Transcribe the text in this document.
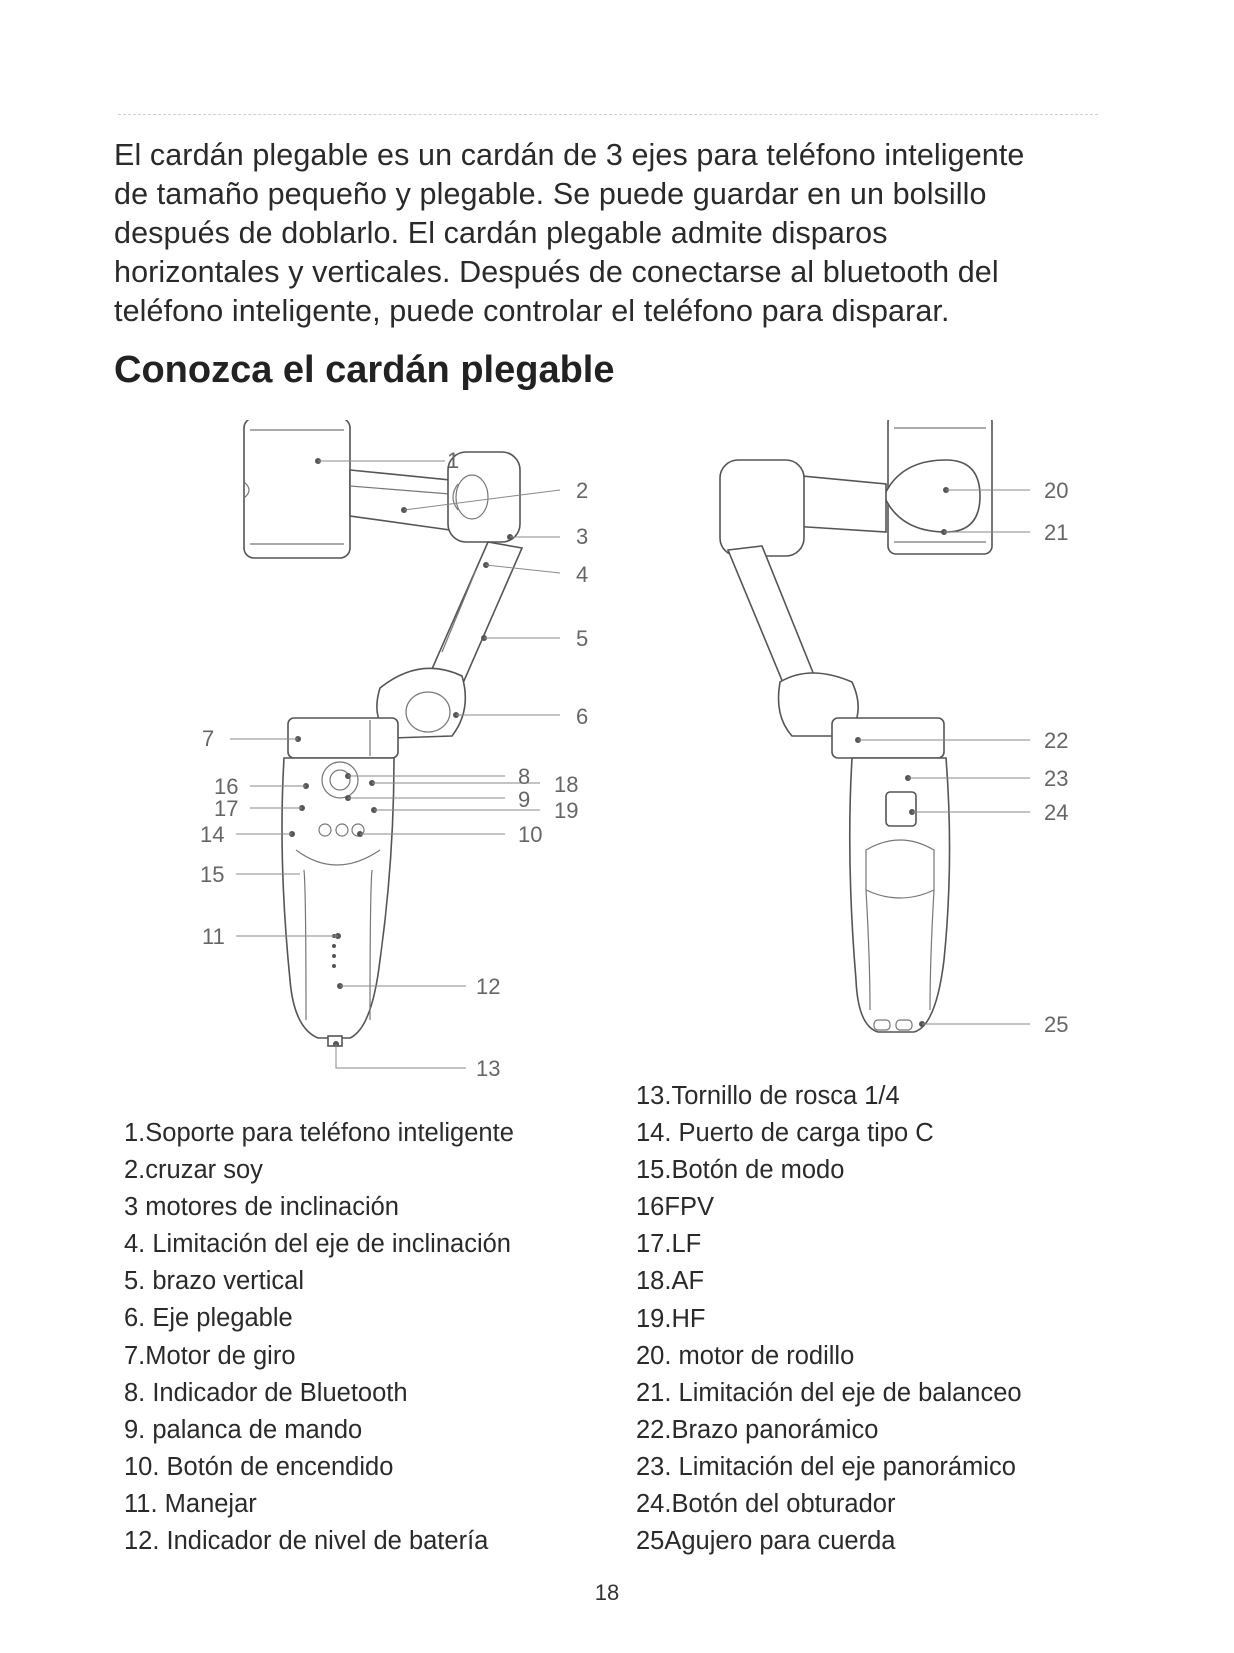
El cardán plegable es un cardán de 3 ejes para teléfono inteligente
de tamaño pequeño y plegable. Se puede guardar en un bolsillo
después de doblarlo. El cardán plegable admite disparos
horizontales y verticales. Después de conectarse al bluetooth del
teléfono inteligente, puede controlar el teléfono para disparar.
Conozca el cardán plegable
1
2
3
4
5
6
7
8
9
10
11
12
13
14
15
16
17
18
19
20
21
22
23
24
25
1.Soporte para teléfono inteligente
2.cruzar soy
3 motores de inclinación
4. Limitación del eje de inclinación
5. brazo vertical
6. Eje plegable
7.Motor de giro
8. Indicador de Bluetooth
9. palanca de mando
10. Botón de encendido
11. Manejar
12. Indicador de nivel de batería
13.Tornillo de rosca 1/4
14. Puerto de carga tipo C
15.Botón de modo
16FPV
17.LF
18.AF
19.HF
20. motor de rodillo
21. Limitación del eje de balanceo
22.Brazo panorámico
23. Limitación del eje panorámico
24.Botón del obturador
25Agujero para cuerda
18
